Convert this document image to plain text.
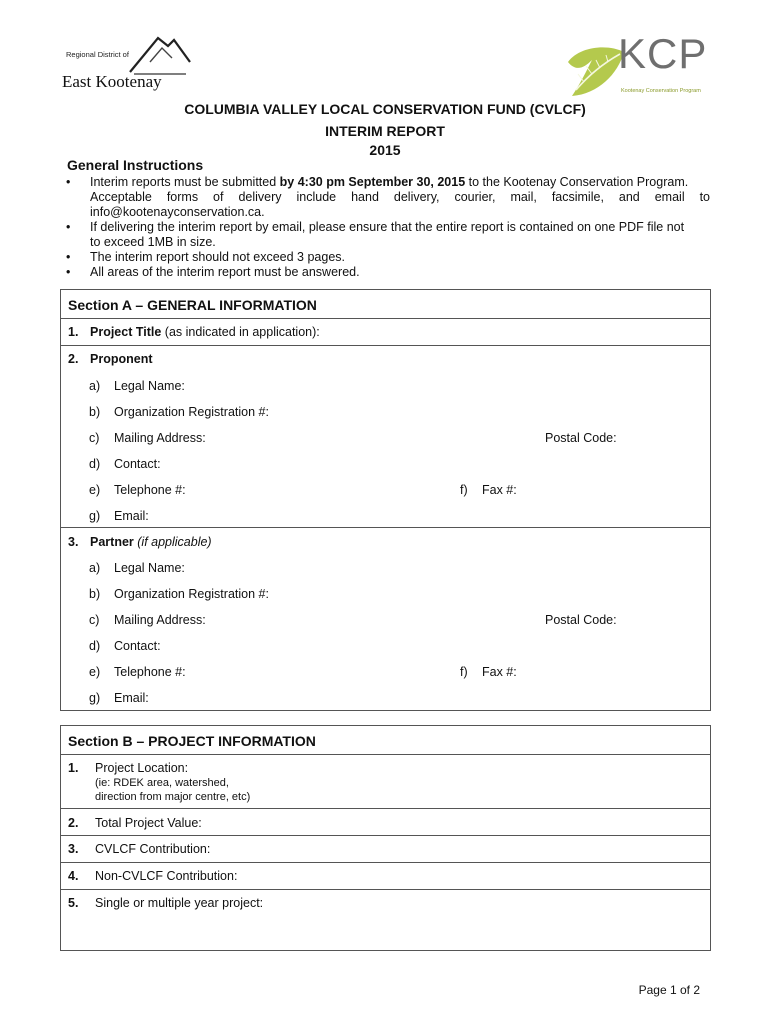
Regional District of
East Kootenay
KCP
Kootenay Conservation Program
COLUMBIA VALLEY LOCAL CONSERVATION FUND (CVLCF)
INTERIM REPORT
2015
General Instructions
• Interim reports must be submitted by 4:30 pm September 30, 2015 to the Kootenay Conservation Program.
Acceptable forms of delivery include hand delivery, courier, mail, facsimile, and email to
info@kootenayconservation.ca.
• If delivering the interim report by email, please ensure that the entire report is contained on one PDF file not
to exceed 1MB in size.
• The interim report should not exceed 3 pages.
• All areas of the interim report must be answered.
Section A – GENERAL INFORMATION
1. Project Title (as indicated in application):
2. Proponent
a) Legal Name:
b) Organization Registration #:
c) Mailing Address:	Postal Code:
d) Contact:
e) Telephone #:	f) Fax #:
g) Email:
3. Partner (if applicable)
a) Legal Name:
b) Organization Registration #:
c) Mailing Address:	Postal Code:
d) Contact:
e) Telephone #:	f) Fax #:
g) Email:
Section B – PROJECT INFORMATION
1. Project Location:
(ie: RDEK area, watershed,
direction from major centre, etc)
2. Total Project Value:
3. CVLCF Contribution:
4. Non-CVLCF Contribution:
5. Single or multiple year project:
Page 1 of 2
